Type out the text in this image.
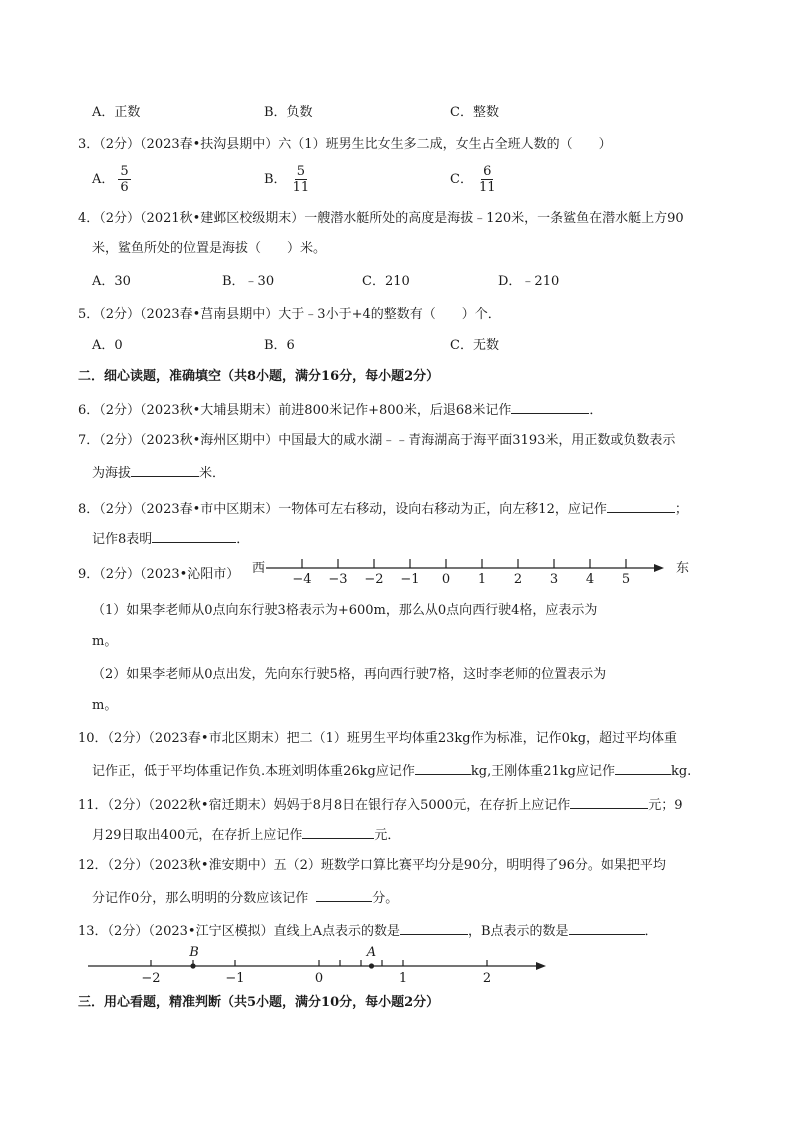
A．正数	B．负数	C．整数
3．（2分）（2023春•扶沟县期中）六（1）班男生比女生多二成，女生占全班人数的（　　）
A． $\frac{5}{6}$	B． $\frac{5}{11}$	C． $\frac{6}{11}$
4．（2分）（2021秋•建邺区校级期末）一艘潜水艇所处的高度是海拔﹣120米，一条鲨鱼在潜水艇上方90
米，鲨鱼所处的位置是海拔（　　）米。
A．30	B．﹣30	C．210	D．﹣210
5．（2分）（2023春•莒南县期中）大于﹣3小于+4的整数有（　　）个．
A．0	B．6	C．无数
二．细心读题，准确填空（共8小题，满分16分，每小题2分）
6．（2分）（2023秋•大埔县期末）前进800米记作+800米，后退68米记作	．
7．（2分）（2023秋•海州区期中）中国最大的咸水湖﹣﹣青海湖高于海平面3193米，用正数或负数表示
为海拔	米．
8．（2分）（2023春•市中区期末）一物体可左右移动，设向右移动为正，向左移12，应记作	；
记作8表明	．
9．（2分）（2023•沁阳市） 西	东
−4 −3 −2 −1 0 1 2 3 4 5
（1）如果李老师从0点向东行驶3格表示为+600m，那么从0点向西行驶4格，应表示为
m。
（2）如果李老师从0点出发，先向东行驶5格，再向西行驶7格，这时李老师的位置表示为
m。
10．（2分）（2023春•市北区期末）把二（1）班男生平均体重23kg作为标准，记作0kg，超过平均体重
记作正，低于平均体重记作负.本班刘明体重26kg应记作	kg,王刚体重21kg应记作	kg.
11．（2分）（2022秋•宿迁期末）妈妈于8月8日在银行存入5000元，在存折上应记作	元；9
月29日取出400元，在存折上应记作	元．
12．（2分）（2023秋•淮安期中）五（2）班数学口算比赛平均分是90分，明明得了96分。如果把平均
分记作0分，那么明明的分数应该记作	分。
13．（2分）（2023•江宁区模拟）直线上A点表示的数是	，B点表示的数是	．
−2	−1	0	1	2
B	A
三．用心看题，精准判断（共5小题，满分10分，每小题2分）
